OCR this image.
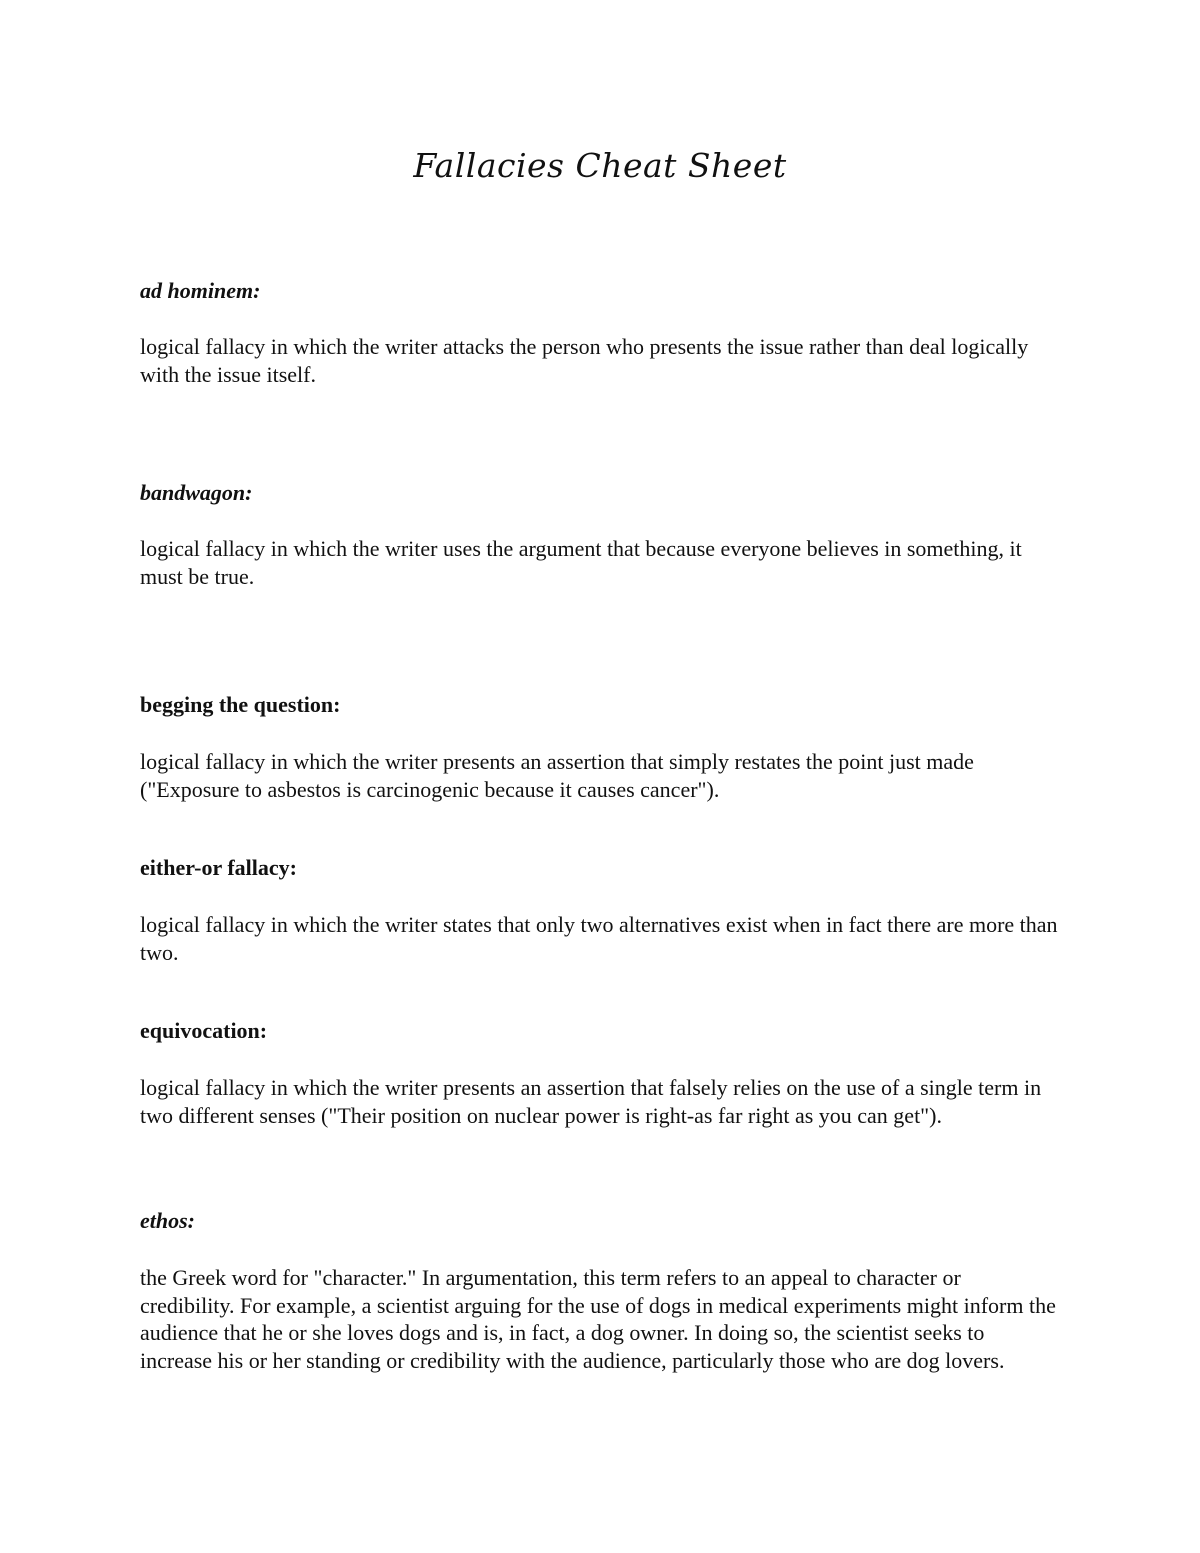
Fallacies Cheat Sheet

ad hominem:

logical fallacy in which the writer attacks the person who presents the issue rather than deal logically with the issue itself.

bandwagon:

logical fallacy in which the writer uses the argument that because everyone believes in something, it must be true.

begging the question:

logical fallacy in which the writer presents an assertion that simply restates the point just made ("Exposure to asbestos is carcinogenic because it causes cancer").

either-or fallacy:

logical fallacy in which the writer states that only two alternatives exist when in fact there are more than two.

equivocation:

logical fallacy in which the writer presents an assertion that falsely relies on the use of a single term in two different senses ("Their position on nuclear power is right-as far right as you can get").

ethos:

the Greek word for "character." In argumentation, this term refers to an appeal to character or credibility. For example, a scientist arguing for the use of dogs in medical experiments might inform the audience that he or she loves dogs and is, in fact, a dog owner. In doing so, the scientist seeks to increase his or her standing or credibility with the audience, particularly those who are dog lovers.
